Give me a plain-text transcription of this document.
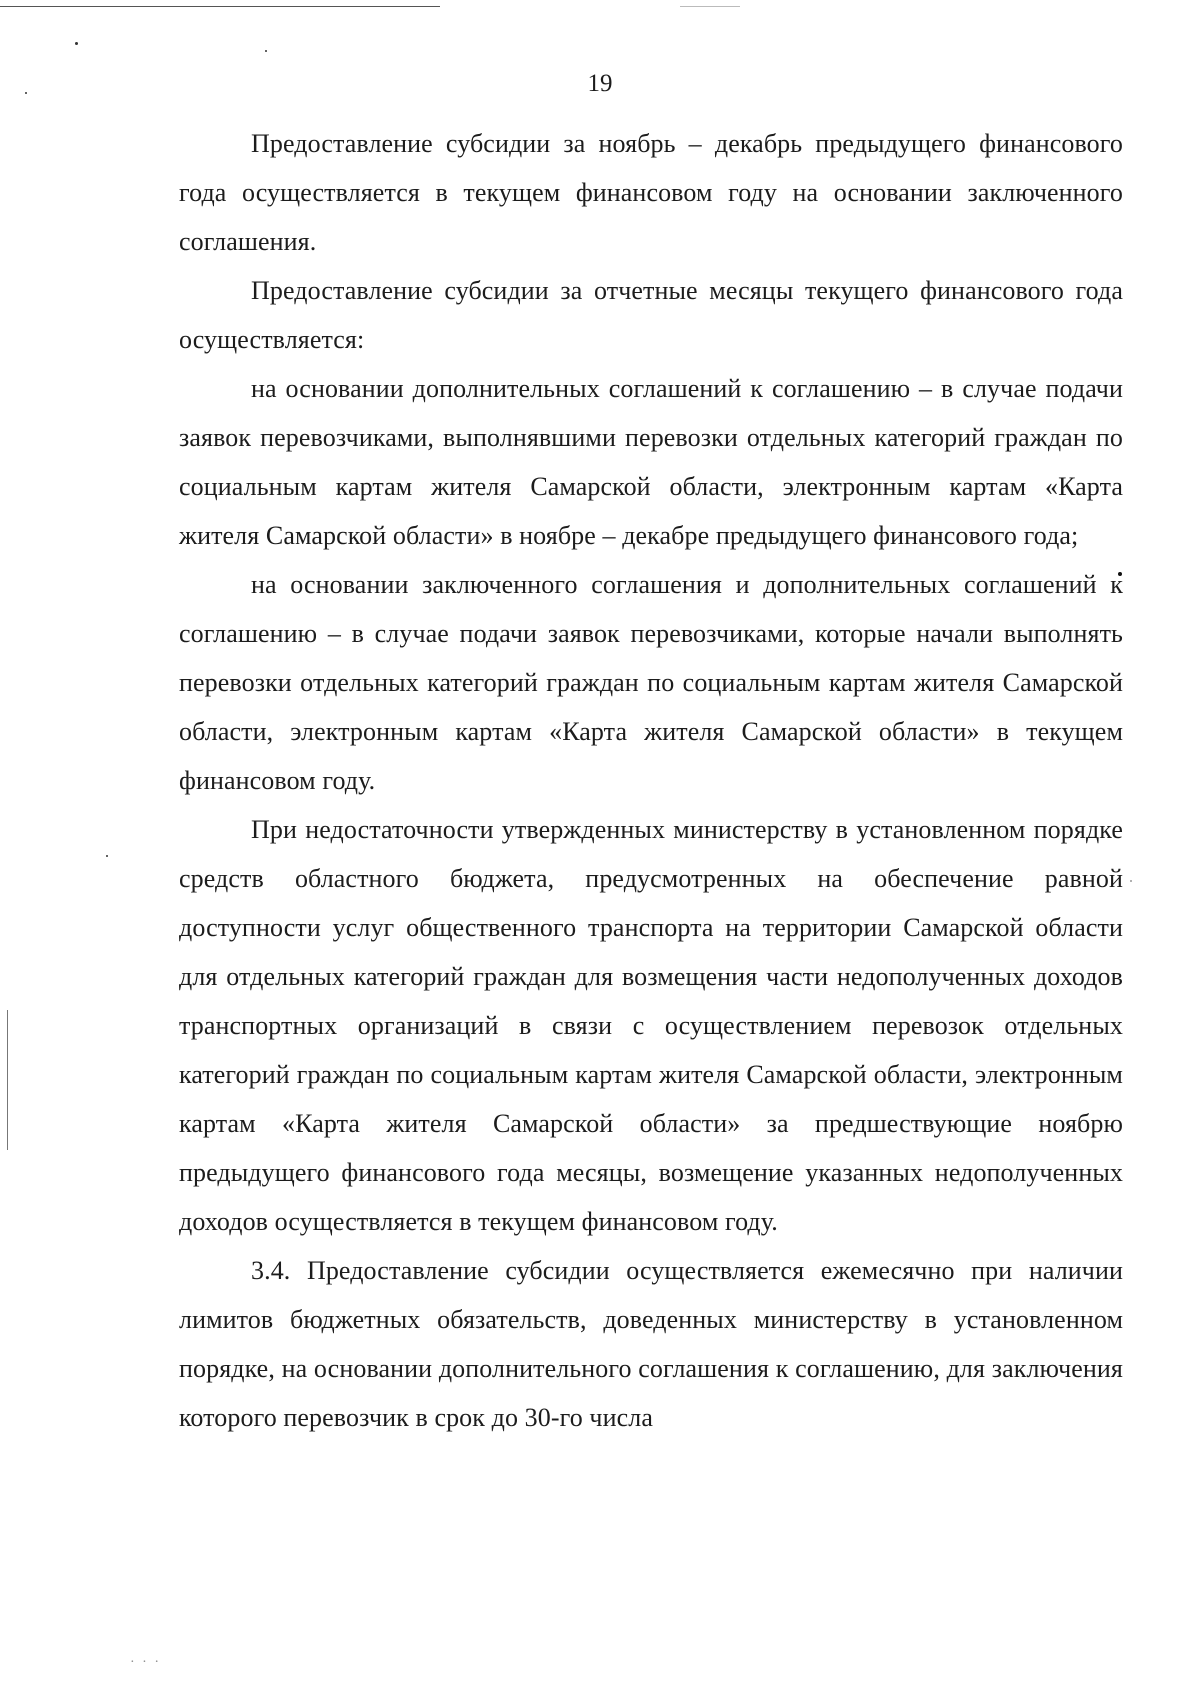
19

Предоставление субсидии за ноябрь – декабрь предыдущего финансового года осуществляется в текущем финансовом году на основании заключенного соглашения.

Предоставление субсидии за отчетные месяцы текущего финансового года осуществляется:

на основании дополнительных соглашений к соглашению – в случае подачи заявок перевозчиками, выполнявшими перевозки отдельных категорий граждан по социальным картам жителя Самарской области, электронным картам «Карта жителя Самарской области» в ноябре – декабре предыдущего финансового года;

на основании заключенного соглашения и дополнительных соглашений к соглашению – в случае подачи заявок перевозчиками, которые начали выполнять перевозки отдельных категорий граждан по социальным картам жителя Самарской области, электронным картам «Карта жителя Самарской области» в текущем финансовом году.

При недостаточности утвержденных министерству в установленном порядке средств областного бюджета, предусмотренных на обеспечение равной доступности услуг общественного транспорта на территории Самарской области для отдельных категорий граждан для возмещения части недополученных доходов транспортных организаций в связи с осуществлением перевозок отдельных категорий граждан по социальным картам жителя Самарской области, электронным картам «Карта жителя Самарской области» за предшествующие ноябрю предыдущего финансового года месяцы, возмещение указанных недополученных доходов осуществляется в текущем финансовом году.

3.4. Предоставление субсидии осуществляется ежемесячно при наличии лимитов бюджетных обязательств, доведенных министерству в установленном порядке, на основании дополнительного соглашения к соглашению, для заключения которого перевозчик в срок до 30-го числа

· · ·
